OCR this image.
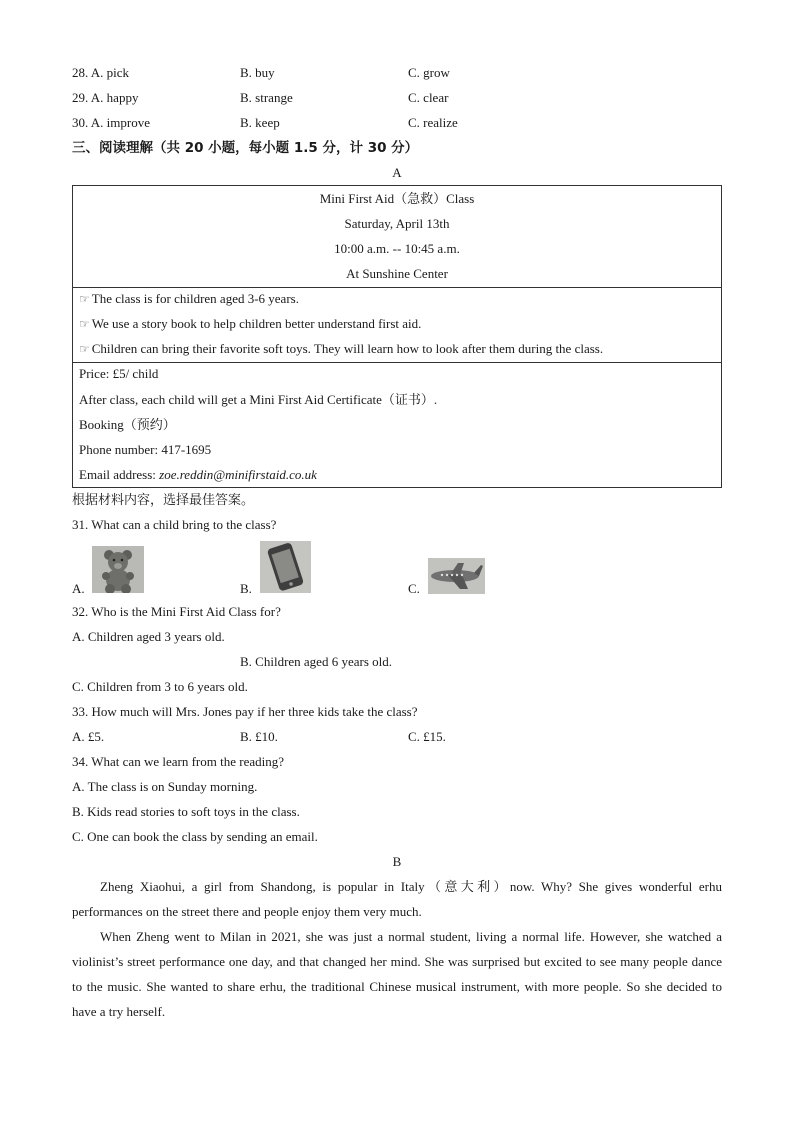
28. A. pick	B. buy	C. grow
29. A. happy	B. strange	C. clear
30. A. improve	B. keep	C. realize
三、阅读理解（共 20 小题，每小题 1.5 分，计 30 分）
A
Mini First Aid（急救）Class
Saturday, April 13th
10:00 a.m. -- 10:45 a.m.
At Sunshine Center
☞ The class is for children aged 3-6 years.
☞ We use a story book to help children better understand first aid.
☞ Children can bring their favorite soft toys. They will learn how to look after them during the class.
Price: £5/ child
After class, each child will get a Mini First Aid Certificate（证书）.
Booking（预约）
Phone number: 417-1695
Email address: zoe.reddin@minifirstaid.co.uk
根据材料内容，选择最佳答案。
31. What can a child bring to the class?
A.	B.	C.
32. Who is the Mini First Aid Class for?
A. Children aged 3 years old.
B. Children aged 6 years old.
C. Children from 3 to 6 years old.
33. How much will Mrs. Jones pay if her three kids take the class?
A. £5.	B. £10.	C. £15.
34. What can we learn from the reading?
A. The class is on Sunday morning.
B. Kids read stories to soft toys in the class.
C. One can book the class by sending an email.
B
Zheng Xiaohui, a girl from Shandong, is popular in Italy（意大利）now. Why? She gives wonderful erhu performances on the street there and people enjoy them very much.
When Zheng went to Milan in 2021, she was just a normal student, living a normal life. However, she watched a violinist’s street performance one day, and that changed her mind. She was surprised but excited to see many people dance to the music. She wanted to share erhu, the traditional Chinese musical instrument, with more people. So she decided to have a try herself.
